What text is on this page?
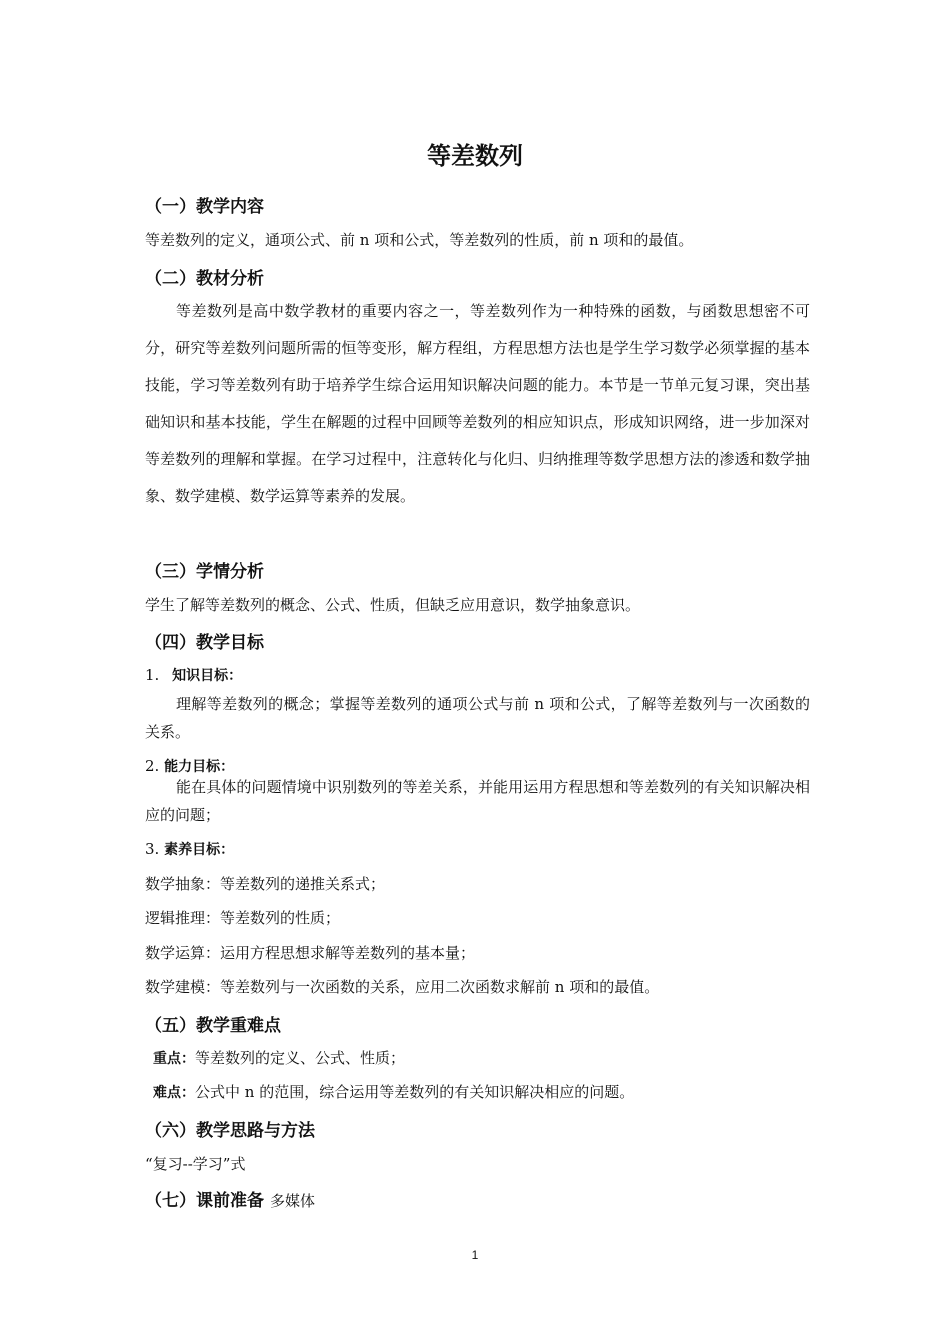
等差数列
（一）教学内容
等差数列的定义，通项公式、前 n 项和公式，等差数列的性质，前 n 项和的最值。
（二）教材分析
等差数列是高中数学教材的重要内容之一，等差数列作为一种特殊的函数，与函数思想密不可分，研究等差数列问题所需的恒等变形，解方程组，方程思想方法也是学生学习数学必须掌握的基本技能，学习等差数列有助于培养学生综合运用知识解决问题的能力。本节是一节单元复习课，突出基础知识和基本技能，学生在解题的过程中回顾等差数列的相应知识点，形成知识网络，进一步加深对等差数列的理解和掌握。在学习过程中，注意转化与化归、归纳推理等数学思想方法的渗透和数学抽象、数学建模、数学运算等素养的发展。
（三）学情分析
学生了解等差数列的概念、公式、性质，但缺乏应用意识，数学抽象意识。
（四）教学目标
1. 知识目标：
理解等差数列的概念；掌握等差数列的通项公式与前 n 项和公式，了解等差数列与一次函数的关系。
2. 能力目标：
能在具体的问题情境中识别数列的等差关系，并能用运用方程思想和等差数列的有关知识解决相应的问题；
3. 素养目标：
数学抽象：等差数列的递推关系式；
逻辑推理：等差数列的性质；
数学运算：运用方程思想求解等差数列的基本量；
数学建模：等差数列与一次函数的关系，应用二次函数求解前 n 项和的最值。
（五）教学重难点
重点：等差数列的定义、公式、性质；
难点：公式中 n 的范围，综合运用等差数列的有关知识解决相应的问题。
（六）教学思路与方法
“复习--学习”式
（七）课前准备 多媒体
1
